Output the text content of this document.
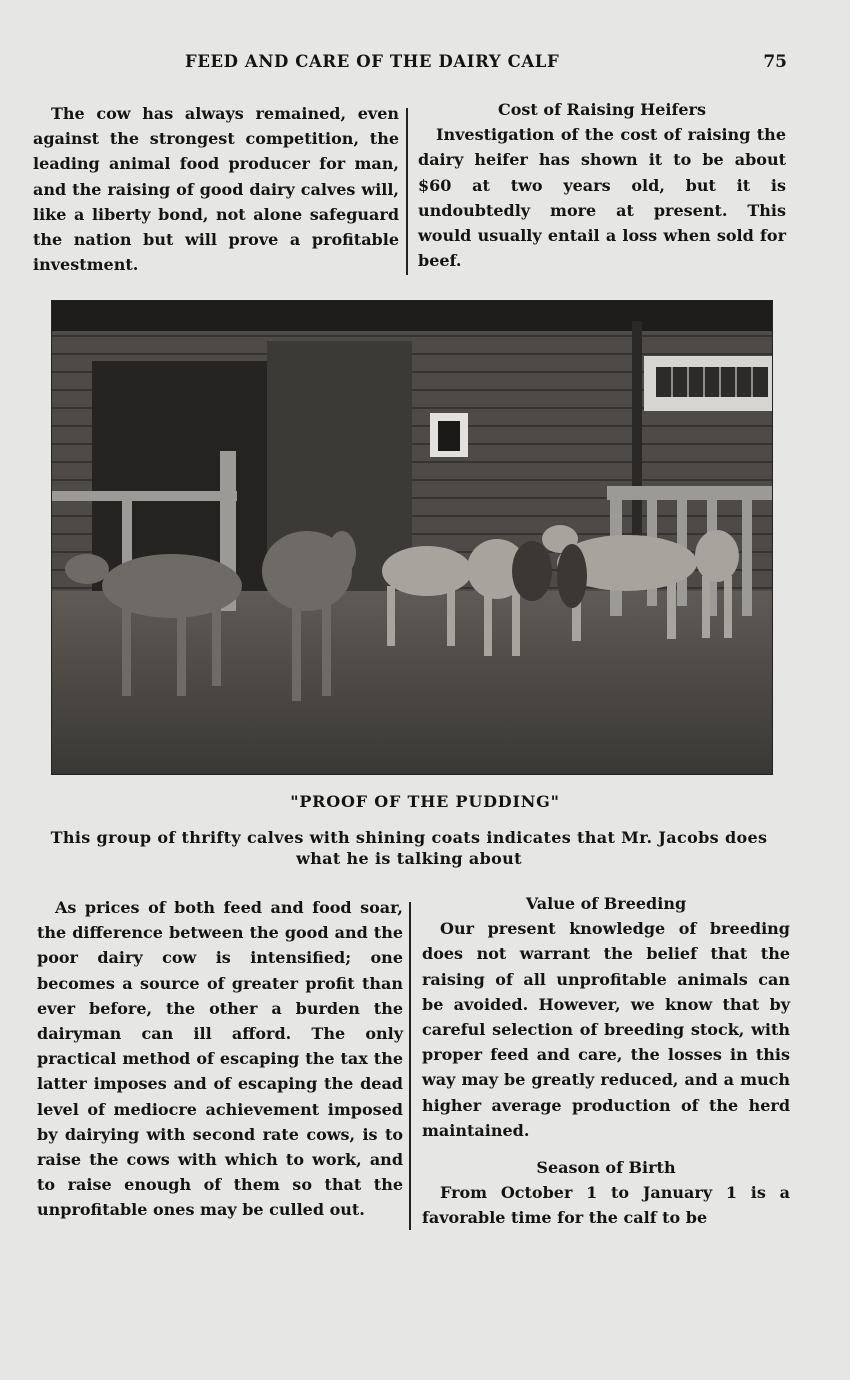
FEED AND CARE OF THE DAIRY CALF	75

The cow has always remained, even against the strongest competition, the leading animal food producer for man, and the raising of good dairy calves will, like a liberty bond, not alone safeguard the nation but will prove a profitable investment.

Cost of Raising Heifers

Investigation of the cost of raising the dairy heifer has shown it to be about $60 at two years old, but it is undoubtedly more at present. This would usually entail a loss when sold for beef.

"PROOF OF THE PUDDING"
This group of thrifty calves with shining coats indicates that Mr. Jacobs does what he is talking about

As prices of both feed and food soar, the difference between the good and the poor dairy cow is intensified; one becomes a source of greater profit than ever before, the other a burden the dairyman can ill afford. The only practical method of escaping the tax the latter imposes and of escaping the dead level of mediocre achievement imposed by dairying with second rate cows, is to raise the cows with which to work, and to raise enough of them so that the unprofitable ones may be culled out.

Value of Breeding

Our present knowledge of breeding does not warrant the belief that the raising of all unprofitable animals can be avoided. However, we know that by careful selection of breeding stock, with proper feed and care, the losses in this way may be greatly reduced, and a much higher average production of the herd maintained.

Season of Birth

From October 1 to January 1 is a favorable time for the calf to be
